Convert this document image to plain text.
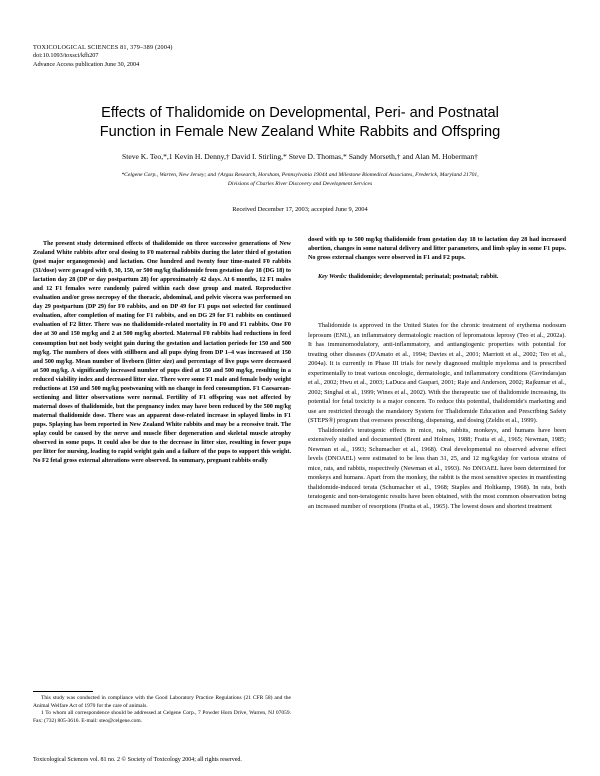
TOXICOLOGICAL SCIENCES 81, 379–389 (2004)
doi:10.1093/toxsci/kfh207
Advance Access publication June 30, 2004
Effects of Thalidomide on Developmental, Peri- and Postnatal
Function in Female New Zealand White Rabbits and Offspring
Steve K. Teo,*,1 Kevin H. Denny,† David I. Stirling,* Steve D. Thomas,* Sandy Morseth,† and Alan M. Hoberman†
*Celgene Corp., Warren, New Jersey; and †Argus Research, Horsham, Pennsylvania 19044 and Milestone Biomedical Associates, Frederick, Maryland 21701,
Divisions of Charles River Discovery and Development Services
Received December 17, 2003; accepted June 9, 2004

The present study determined effects of thalidomide on three successive generations of New Zealand White rabbits after oral dosing to F0 maternal rabbits during the later third of gestation (post major organogenesis) and lactation. One hundred and twenty four time-mated F0 rabbits (31/dose) were gavaged with 0, 30, 150, or 500 mg/kg thalidomide from gestation day 18 (DG 18) to lactation day 28 (DP or day postpartum 28) for approximately 42 days. At 6 months, 12 F1 males and 12 F1 females were randomly paired within each dose group and mated. Reproductive evaluation and/or gross necropsy of the thoracic, abdominal, and pelvic viscera was performed on day 29 postpartum (DP 29) for F0 rabbits, and on DP 49 for F1 pups not selected for continued evaluation, after completion of mating for F1 rabbits, and on DG 29 for F1 rabbits on continued evaluation of F2 litter. There was no thalidomide-related mortality in F0 and F1 rabbits. One F0 doe at 30 and 150 mg/kg and 2 at 500 mg/kg aborted. Maternal F0 rabbits had reductions in feed consumption but not body weight gain during the gestation and lactation periods for 150 and 500 mg/kg. The numbers of does with stillborn and all pups dying from DP 1–4 was increased at 150 and 500 mg/kg. Mean number of liveborn (litter size) and percentage of live pups were decreased at 500 mg/kg. A significantly increased number of pups died at 150 and 500 mg/kg, resulting in a reduced viability index and decreased litter size. There were some F1 male and female body weight reductions at 150 and 500 mg/kg postweaning with no change in feed consumption. F1 Caesarean-sectioning and litter observations were normal. Fertility of F1 offspring was not affected by maternal doses of thalidomide, but the pregnancy index may have been reduced by the 500 mg/kg maternal thalidomide dose. There was an apparent dose-related increase in splayed limbs in F1 pups. Splaying has been reported in New Zealand White rabbits and may be a recessive trait. The splay could be caused by the nerve and muscle fiber degeneration and skeletal muscle atrophy observed in some pups. It could also be due to the decrease in litter size, resulting in fewer pups per litter for nursing, leading to rapid weight gain and a failure of the pups to support this weight. No F2 fetal gross external alterations were observed. In summary, pregnant rabbits orally

dosed with up to 500 mg/kg thalidomide from gestation day 18 to lactation day 28 had increased abortion, changes in some natural delivery and litter parameters, and limb splay in some F1 pups. No gross external changes were observed in F1 and F2 pups.

Key Words: thalidomide; developmental; perinatal; postnatal; rabbit.

This study was conducted in compliance with the Good Laboratory Practice Regulations (21 CFR 58) and the Animal Welfare Act of 1970 for the care of animals.

1 To whom all correspondence should be addressed at Celgene Corp., 7 Powder Horn Drive, Warren, NJ 07059. Fax: (732) 805-3616. E-mail: steo@celgene.com.

Thalidomide is approved in the United States for the chronic treatment of erythema nodosum leprosum (ENL), an inflammatory dermatologic reaction of lepromatous leprosy (Teo et al., 2002a). It has immunomodulatory, anti-inflammatory, and antiangiogenic properties with potential for treating other diseases (D'Amato et al., 1994; Davies et al., 2001; Marriott et al., 2002; Teo et al., 2004a). It is currently in Phase III trials for newly diagnosed multiple myeloma and is prescribed experimentally to treat various oncologic, dermatologic, and inflammatory conditions (Govindarajan et al., 2002; Hwu et al., 2003; LaDuca and Gaspari, 2001; Raje and Anderson, 2002; Rajkumar et al., 2002; Singhal et al., 1999; Wines et al., 2002). With the therapeutic use of thalidomide increasing, its potential for fetal toxicity is a major concern. To reduce this potential, thalidomide's marketing and use are restricted through the mandatory System for Thalidomide Education and Prescribing Safety (STEPS®) program that oversees prescribing, dispensing, and dosing (Zeldis et al., 1999).

Thalidomide's teratogenic effects in mice, rats, rabbits, monkeys, and humans have been extensively studied and documented (Brent and Holmes, 1988; Fratta et al., 1965; Newman, 1985; Newman et al., 1993; Schumacher et al., 1968). Oral developmental no observed adverse effect levels (DNOAEL) were estimated to be less than 31, 25, and 12 mg/kg/day for various strains of mice, rats, and rabbits, respectively (Newman et al., 1993). No DNOAEL have been determined for monkeys and humans. Apart from the monkey, the rabbit is the most sensitive species in manifesting thalidomide-induced terata (Schumacher et al., 1968; Staples and Holtkamp, 1968). In rats, both teratogenic and non-teratogenic results have been obtained, with the most common observation being an increased number of resorptions (Fratta et al., 1965). The lowest doses and shortest treatment

Toxicological Sciences vol. 81 no. 2 © Society of Toxicology 2004; all rights reserved.
